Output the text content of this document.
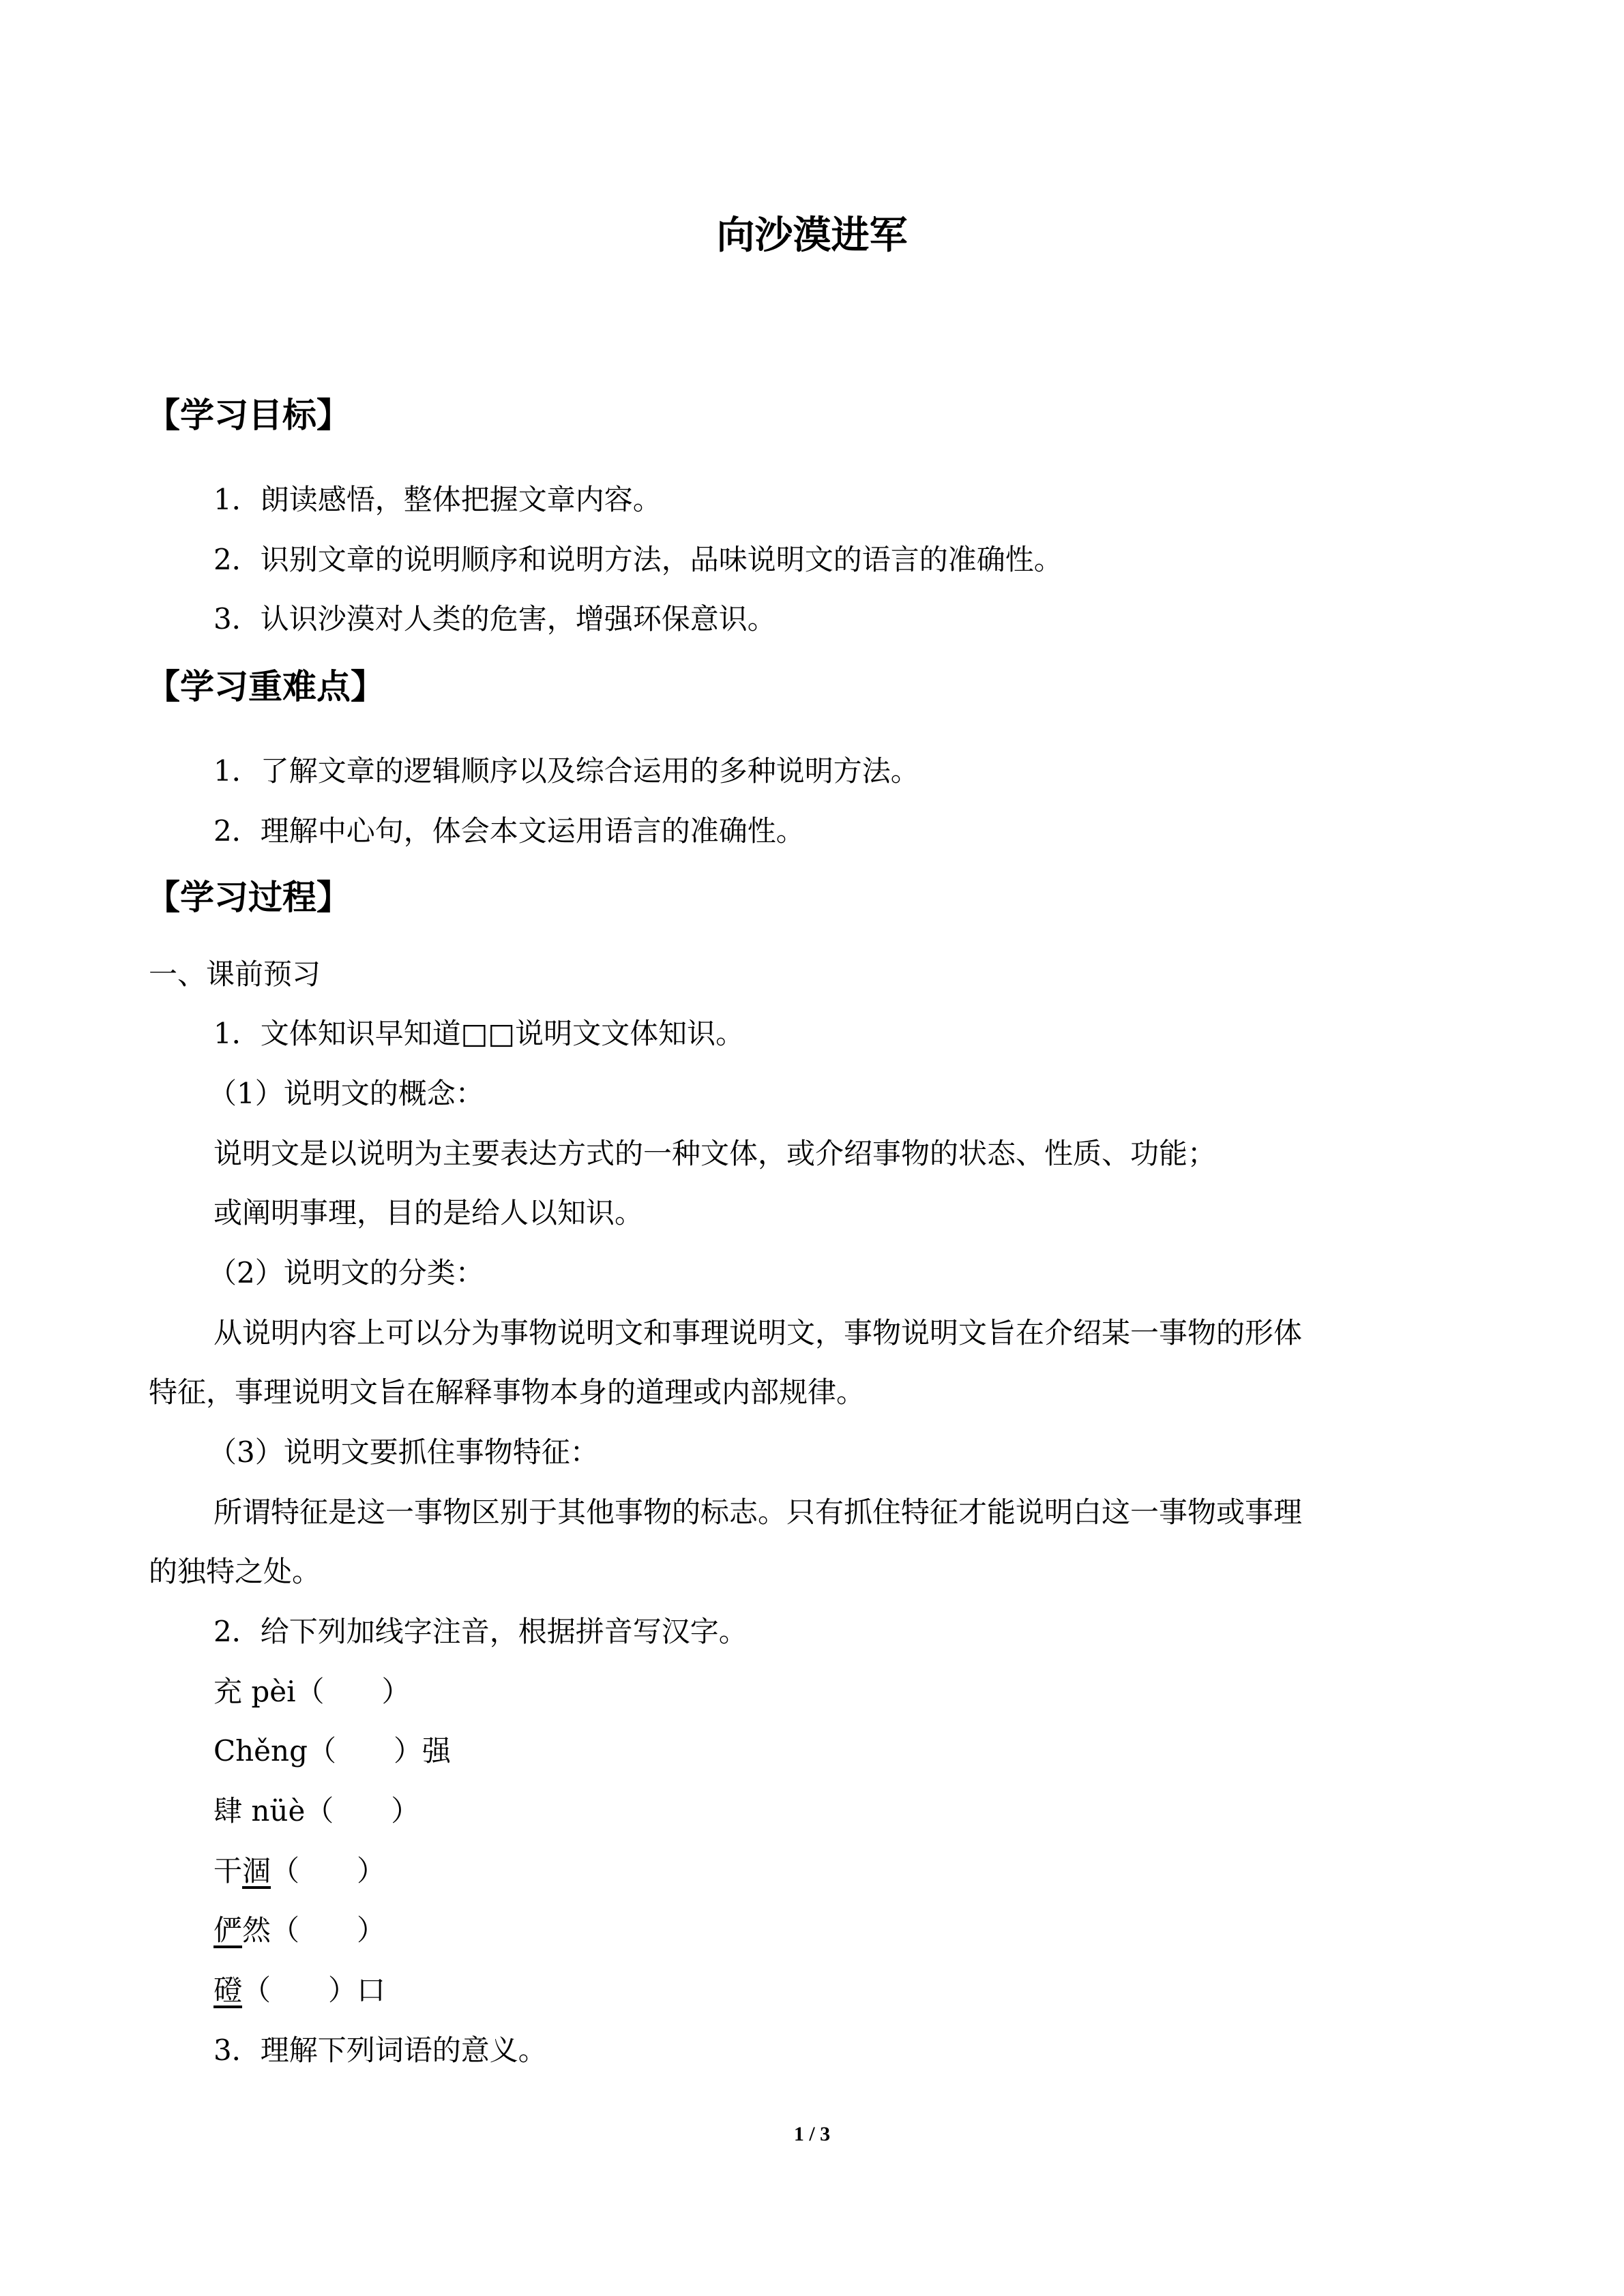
向沙漠进军
【学习目标】
1．朗读感悟，整体把握文章内容。
2．识别文章的说明顺序和说明方法，品味说明文的语言的准确性。
3．认识沙漠对人类的危害，增强环保意识。
【学习重难点】
1．了解文章的逻辑顺序以及综合运用的多种说明方法。
2．理解中心句，体会本文运用语言的准确性。
【学习过程】
一、课前预习
1．文体知识早知道□□说明文文体知识。
（1）说明文的概念：
说明文是以说明为主要表达方式的一种文体，或介绍事物的状态、性质、功能；
或阐明事理，目的是给人以知识。
（2）说明文的分类：
从说明内容上可以分为事物说明文和事理说明文，事物说明文旨在介绍某一事物的形体
特征，事理说明文旨在解释事物本身的道理或内部规律。
（3）说明文要抓住事物特征：
所谓特征是这一事物区别于其他事物的标志。只有抓住特征才能说明白这一事物或事理
的独特之处。
2．给下列加线字注音，根据拼音写汉字。
充 pèi（　　）
Chěng（　　）强
肆 nüè（　　）
干涸（　　）
俨然（　　）
磴（　　）口
3．理解下列词语的意义。
1 / 3
